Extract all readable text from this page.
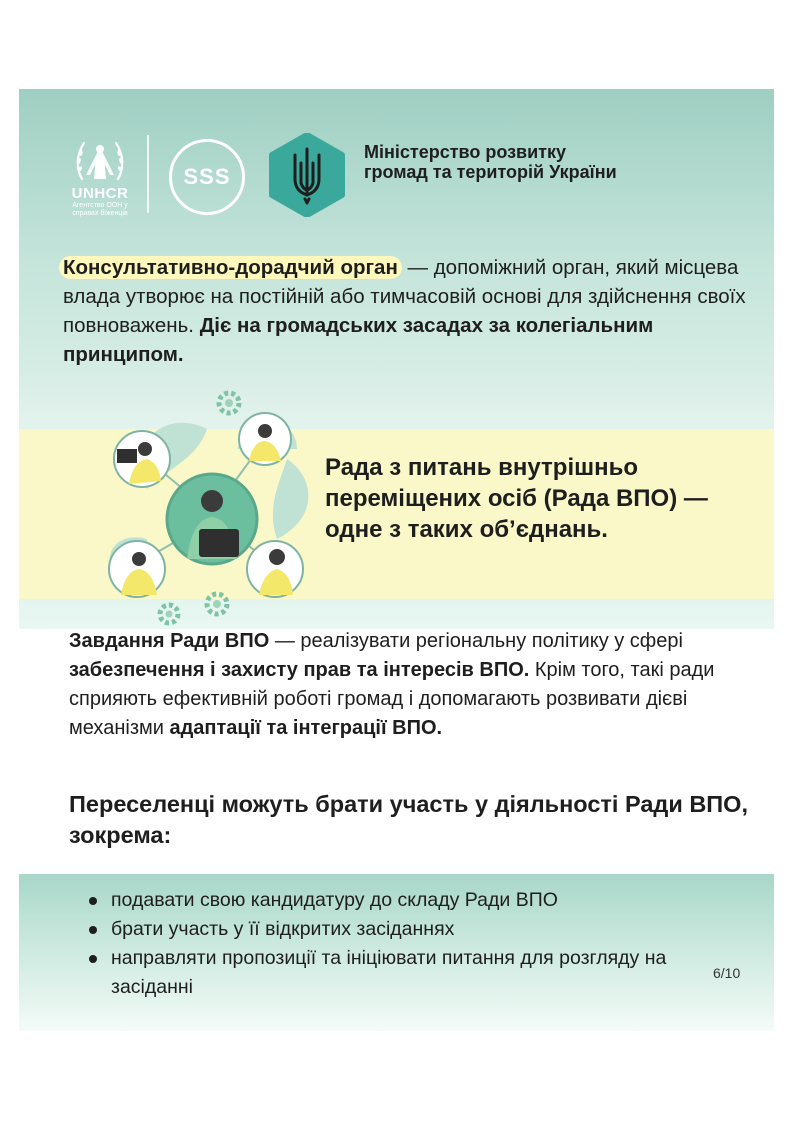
UNHCR
Агентство ООН у справах біженців
SSS
Міністерство розвитку громад та територій України

Консультативно-дорадчий орган — допоміжний орган, який місцева влада утворює на постійній або тимчасовій основі для здійснення своїх повноважень. Діє на громадських засадах за колегіальним принципом.

Рада з питань внутрішньо переміщених осіб (Рада ВПО) — одне з таких об’єднань.

Завдання Ради ВПО — реалізувати регіональну політику у сфері забезпечення і захисту прав та інтересів ВПО. Крім того, такі ради сприяють ефективній роботі громад і допомагають розвивати дієві механізми адаптації та інтеграції ВПО.

Переселенці можуть брати участь у діяльності Ради ВПО, зокрема:
подавати свою кандидатуру до складу Ради ВПО
брати участь у її відкритих засіданнях
направляти пропозиції та ініціювати питання для розгляду на засіданні
6/10
